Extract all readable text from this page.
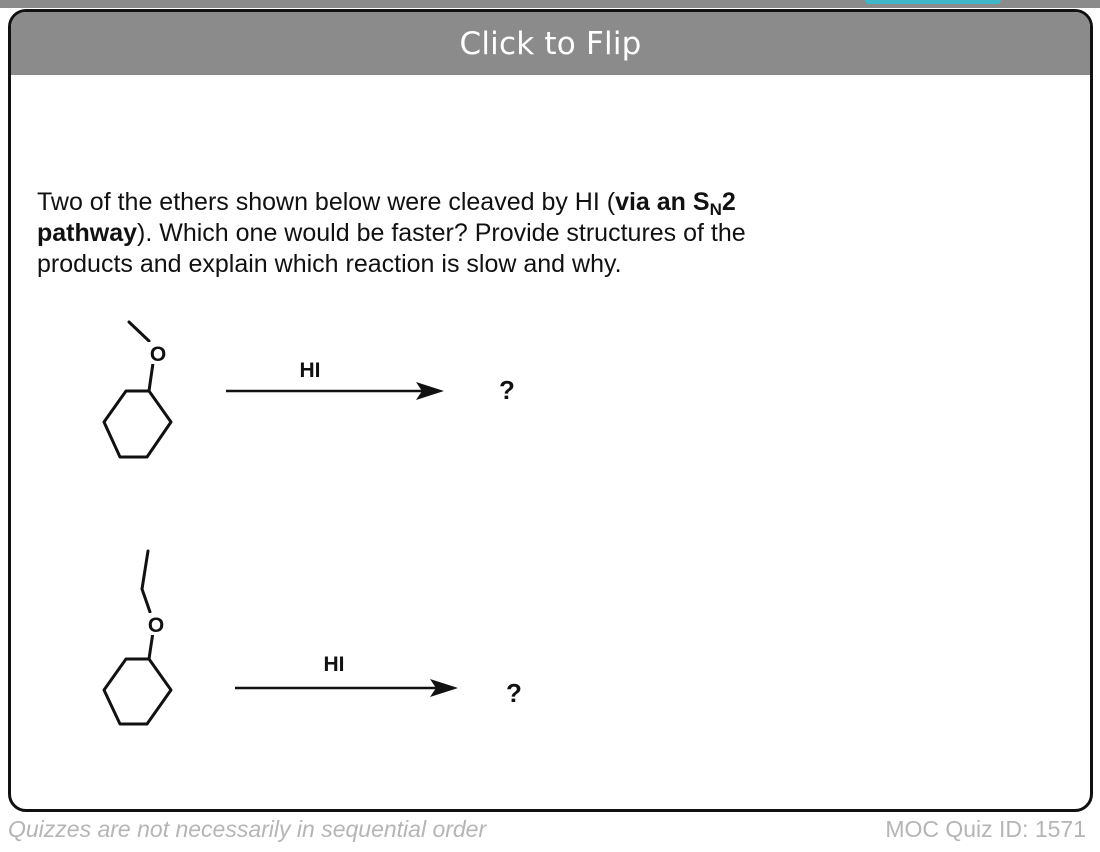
Click to Flip
Two of the ethers shown below were cleaved by HI (via an $S_N2$ pathway). Which one would be faster? Provide structures of the products and explain which reaction is slow and why.
O
HI
?
O
HI
?
Quizzes are not necessarily in sequential order	MOC Quiz ID: 1571
